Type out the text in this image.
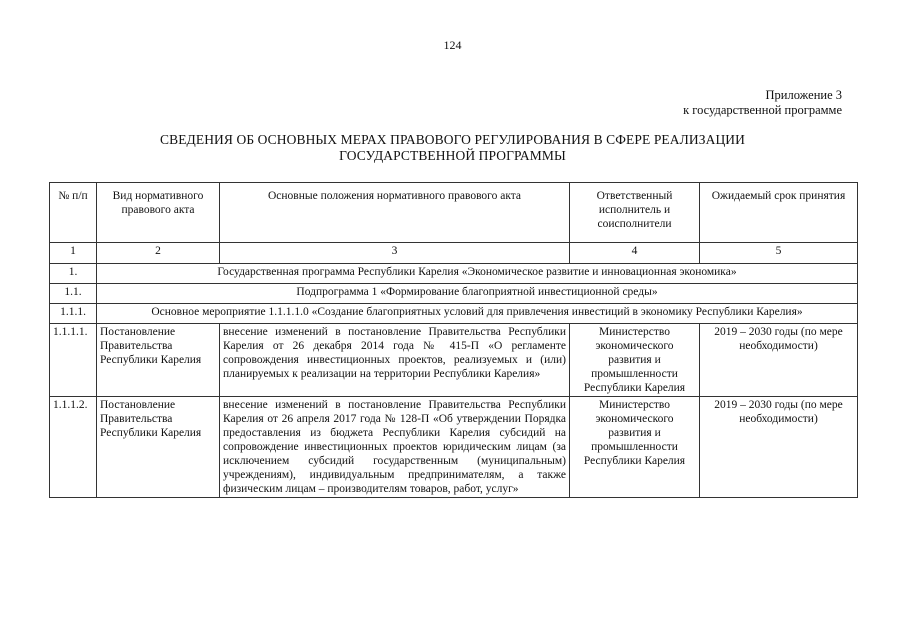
124
Приложение 3
к государственной программе
СВЕДЕНИЯ ОБ ОСНОВНЫХ МЕРАХ ПРАВОВОГО РЕГУЛИРОВАНИЯ В СФЕРЕ РЕАЛИЗАЦИИ
ГОСУДАРСТВЕННОЙ ПРОГРАММЫ
№ п/п	Вид нормативного правового акта	Основные положения нормативного правового акта	Ответственный исполнитель и соисполнители	Ожидаемый срок принятия
1	2	3	4	5
1.	Государственная программа Республики Карелия «Экономическое развитие и инновационная экономика»			
1.1.	Подпрограмма 1 «Формирование благоприятной инвестиционной среды»			
1.1.1.	Основное мероприятие 1.1.1.1.0 «Создание благоприятных условий для привлечения инвестиций в экономику Республики Карелия»			
1.1.1.1.	Постановление Правительства Республики Карелия	внесение изменений в постановление Правительства Республики Карелия от 26 декабря 2014 года № 415-П «О регламенте сопровождения инвестиционных проектов, реализуемых и (или) планируемых к реализации на территории Республики Карелия»	Министерство экономического развития и промышленности Республики Карелия	2019 – 2030 годы (по мере необходимости)
1.1.1.2.	Постановление Правительства Республики Карелия	внесение изменений в постановление Правительства Республики Карелия от 26 апреля 2017 года № 128-П «Об утверждении Порядка предоставления из бюджета Республики Карелия субсидий на сопровождение инвестиционных проектов юридическим лицам (за исключением субсидий государственным (муниципальным) учреждениям), индивидуальным предпринимателям, а также физическим лицам – производителям товаров, работ, услуг»	Министерство экономического развития и промышленности Республики Карелия	2019 – 2030 годы (по мере необходимости)
